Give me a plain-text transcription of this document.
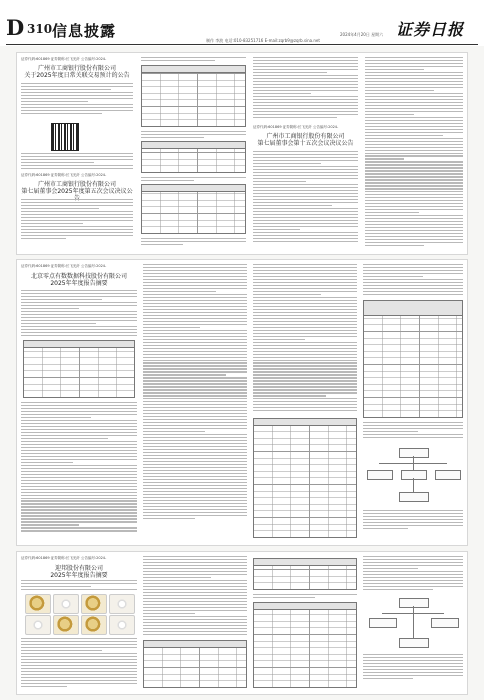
D 310 信息披露	2024年4月20日 星期六
制作 李波 电话:010-83251716 E-mail:zqrb9@zqrb.sina.net
证券日报
证券代码:601869 证券简称:长飞光纤 公告编号:2024-
广州市工商银行股份有限公司
关于2025年度日常关联交易预计的公告
证券代码:601869 证券简称:长飞光纤 公告编号:2024-
广州市工商银行股份有限公司
第七届董事会2025年度第五次会议决议公
证券代码:601869 证券简称:长飞光纤 公告编号:2024-
广州市工商银行股份有限公司
第七届董事会第十五次会议决议公告
证券代码:601869 证券简称:长飞光纤 公告编号:2024-
北京零点有数数据科技股份有限公司
2025年年度报告摘要
证券代码:601869 证券简称:长飞光纤 公告编号:2024-
迎邦股份有限公司
2025年年度报告摘要
